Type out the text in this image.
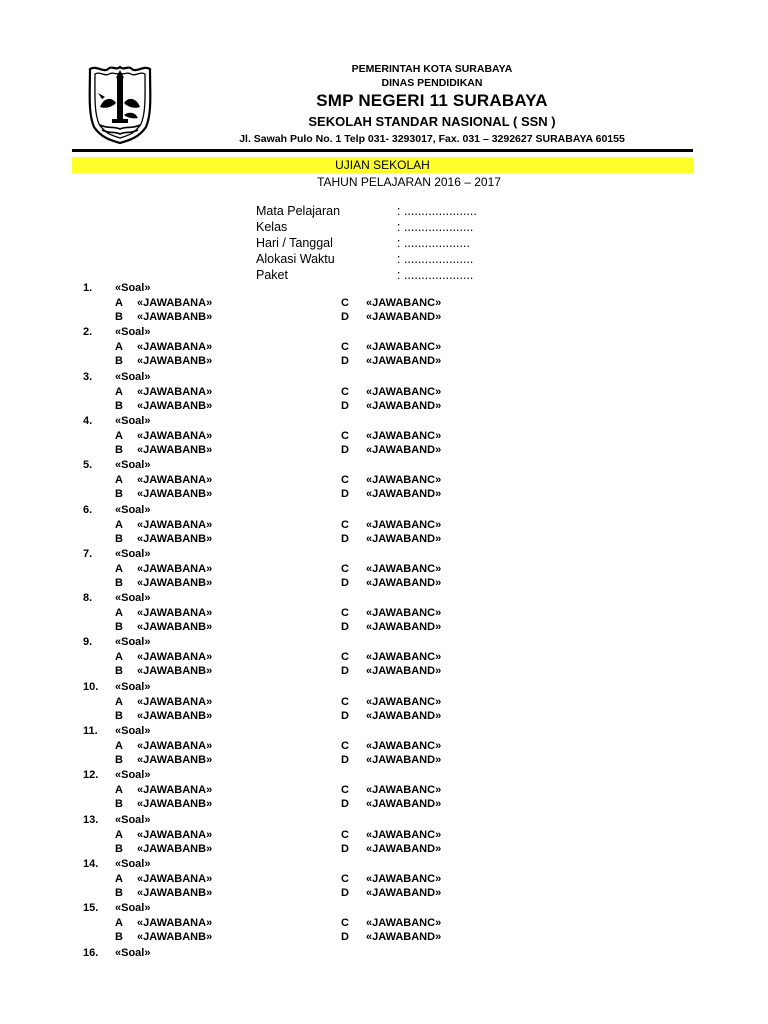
PEMERINTAH KOTA SURABAYA
DINAS PENDIDIKAN
SMP NEGERI 11 SURABAYA
SEKOLAH STANDAR NASIONAL ( SSN )
Jl. Sawah Pulo No. 1 Telp 031- 3293017, Fax. 031 – 3292627 SURABAYA 60155
UJIAN SEKOLAH
TAHUN PELAJARAN 2016 – 2017
Mata Pelajaran	: .....................
Kelas	: ....................
Hari / Tanggal	: ...................
Alokasi Waktu	: ....................
Paket	: ....................
1.	«Soal»
A «JAWABANA»	C «JAWABANC»
B «JAWABANB»	D «JAWABAND»
2.	«Soal»
A «JAWABANA»	C «JAWABANC»
B «JAWABANB»	D «JAWABAND»
3.	«Soal»
A «JAWABANA»	C «JAWABANC»
B «JAWABANB»	D «JAWABAND»
4.	«Soal»
A «JAWABANA»	C «JAWABANC»
B «JAWABANB»	D «JAWABAND»
5.	«Soal»
A «JAWABANA»	C «JAWABANC»
B «JAWABANB»	D «JAWABAND»
6.	«Soal»
A «JAWABANA»	C «JAWABANC»
B «JAWABANB»	D «JAWABAND»
7.	«Soal»
A «JAWABANA»	C «JAWABANC»
B «JAWABANB»	D «JAWABAND»
8.	«Soal»
A «JAWABANA»	C «JAWABANC»
B «JAWABANB»	D «JAWABAND»
9.	«Soal»
A «JAWABANA»	C «JAWABANC»
B «JAWABANB»	D «JAWABAND»
10.	«Soal»
A «JAWABANA»	C «JAWABANC»
B «JAWABANB»	D «JAWABAND»
11.	«Soal»
A «JAWABANA»	C «JAWABANC»
B «JAWABANB»	D «JAWABAND»
12.	«Soal»
A «JAWABANA»	C «JAWABANC»
B «JAWABANB»	D «JAWABAND»
13.	«Soal»
A «JAWABANA»	C «JAWABANC»
B «JAWABANB»	D «JAWABAND»
14.	«Soal»
A «JAWABANA»	C «JAWABANC»
B «JAWABANB»	D «JAWABAND»
15.	«Soal»
A «JAWABANA»	C «JAWABANC»
B «JAWABANB»	D «JAWABAND»
16.	«Soal»
